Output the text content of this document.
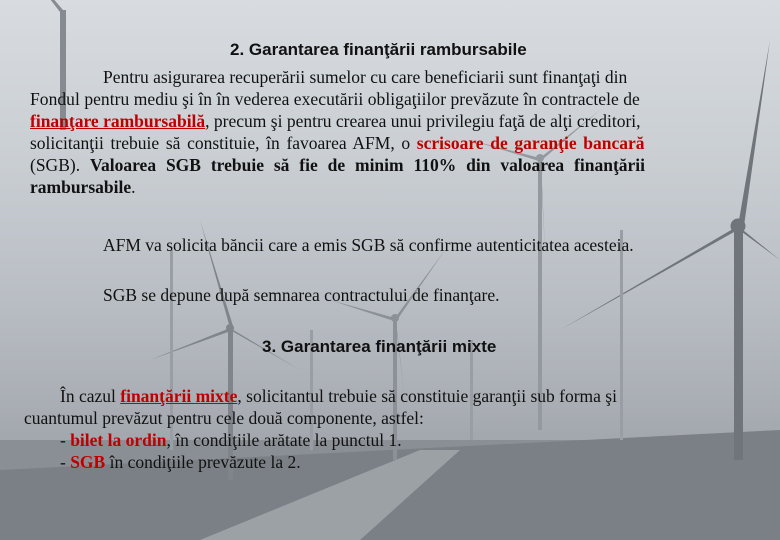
2. Garantarea finanţării rambursabile
Pentru asigurarea recuperării sumelor cu care beneficiarii sunt finanţaţi din
Fondul pentru mediu şi în în vederea executării obligaţiilor prevăzute în contractele de
finanţare rambursabilă, precum şi pentru crearea unui privilegiu faţă de alţi creditori,
solicitanţii trebuie să constituie, în favoarea AFM, o scrisoare de garanţie bancară
(SGB). Valoarea SGB trebuie să fie de minim 110% din valoarea finanţării
rambursabile.
AFM va solicita băncii care a emis SGB să confirme autenticitatea acesteia.
SGB se depune după semnarea contractului de finanţare.
3. Garantarea finanţării mixte
În cazul finanţării mixte, solicitantul trebuie să constituie garanţii sub forma şi
cuantumul prevăzut pentru cele două componente, astfel:
- bilet la ordin, în condiţiile arătate la punctul 1.
- SGB în condiţiile prevăzute la 2.
